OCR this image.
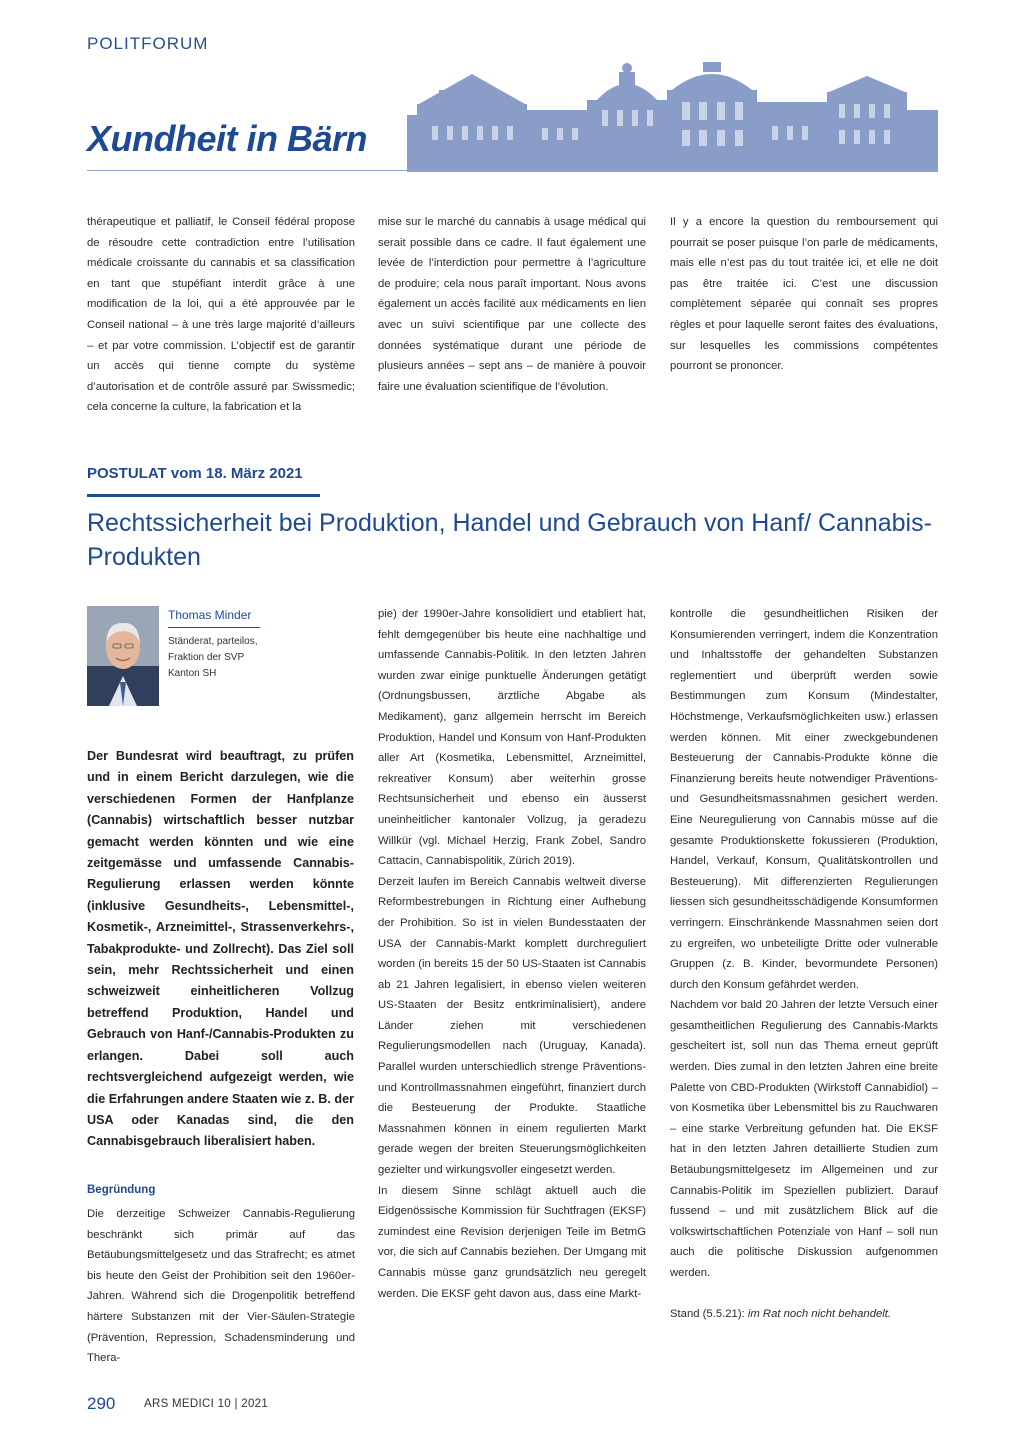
POLITFORUM
Xundheit in Bärn

thérapeutique et palliatif, le Conseil fédéral propose de résoudre cette contradiction entre l’utilisation médicale croissante du cannabis et sa classification en tant que stupéfiant interdit grâce à une modification de la loi, qui a été approuvée par le Conseil national – à une très large majorité d’ailleurs – et par votre commission. L’objectif est de garantir un accès qui tienne compte du système d’autorisation et de contrôle assuré par Swissmedic; cela concerne la culture, la fabrication et la

mise sur le marché du cannabis à usage médical qui serait possible dans ce cadre. Il faut également une levée de l’interdiction pour permettre à l’agriculture de produire; cela nous paraît important. Nous avons également un accès facilité aux médicaments en lien avec un suivi scientifique par une collecte des données systématique durant une période de plusieurs années – sept ans – de manière à pouvoir faire une évaluation scientifique de l’évolution.

Il y a encore la question du remboursement qui pourrait se poser puisque l’on parle de médicaments, mais elle n’est pas du tout traitée ici, et elle ne doit pas être traitée ici. C’est une discussion complètement séparée qui connaît ses propres règles et pour laquelle seront faites des évaluations, sur lesquelles les commissions compétentes pourront se prononcer.

POSTULAT vom 18. März 2021
Rechtssicherheit bei Produktion, Handel und Gebrauch von Hanf/ Cannabis-Produkten
Thomas Minder
Ständerat, parteilos,
Fraktion der SVP
Kanton SH
Der Bundesrat wird beauftragt, zu prüfen und in einem Bericht darzulegen, wie die verschiedenen Formen der Hanfplanze (Cannabis) wirtschaftlich besser nutzbar gemacht werden könnten und wie eine zeitgemässe und umfassende Cannabis-Regulierung erlassen werden könnte (inklusive Gesundheits-, Lebensmittel-, Kosmetik-, Arzneimittel-, Strassenverkehrs-, Tabakprodukte- und Zollrecht). Das Ziel soll sein, mehr Rechtssicherheit und einen schweizweit einheitlicheren Vollzug betreffend Produktion, Handel und Gebrauch von Hanf-/Cannabis-Produkten zu erlangen. Dabei soll auch rechtsvergleichend aufgezeigt werden, wie die Erfahrungen andere Staaten wie z. B. der USA oder Kanadas sind, die den Cannabisgebrauch liberalisiert haben.
Begründung

Die derzeitige Schweizer Cannabis-Regulierung beschränkt sich primär auf das Betäubungsmittelgesetz und das Strafrecht; es atmet bis heute den Geist der Prohibition seit den 1960er-Jahren. Während sich die Drogenpolitik betreffend härtere Substanzen mit der Vier-Säulen-Strategie (Prävention, Repression, Schadensminderung und Thera-

pie) der 1990er-Jahre konsolidiert und etabliert hat, fehlt demgegenüber bis heute eine nachhaltige und umfassende Cannabis-Politik. In den letzten Jahren wurden zwar einige punktuelle Änderungen getätigt (Ordnungsbussen, ärztliche Abgabe als Medikament), ganz allgemein herrscht im Bereich Produktion, Handel und Konsum von Hanf-Produkten aller Art (Kosmetika, Lebensmittel, Arzneimittel, rekreativer Konsum) aber weiterhin grosse Rechtsunsicherheit und ebenso ein äusserst uneinheitlicher kantonaler Vollzug, ja geradezu Willkür (vgl. Michael Herzig, Frank Zobel, Sandro Cattacin, Cannabispolitik, Zürich 2019).

Derzeit laufen im Bereich Cannabis weltweit diverse Reformbestrebungen in Richtung einer Aufhebung der Prohibition. So ist in vielen Bundesstaaten der USA der Cannabis-Markt komplett durchreguliert worden (in bereits 15 der 50 US-Staaten ist Cannabis ab 21 Jahren legalisiert, in ebenso vielen weiteren US-Staaten der Besitz entkriminalisiert), andere Länder ziehen mit verschiedenen Regulierungsmodellen nach (Uruguay, Kanada). Parallel wurden unterschiedlich strenge Präventions- und Kontrollmassnahmen eingeführt, finanziert durch die Besteuerung der Produkte. Staatliche Massnahmen können in einem regulierten Markt gerade wegen der breiten Steuerungsmöglichkeiten gezielter und wirkungsvoller eingesetzt werden.

In diesem Sinne schlägt aktuell auch die Eidgenössische Kommission für Suchtfragen (EKSF) zumindest eine Revision derjenigen Teile im BetmG vor, die sich auf Cannabis beziehen. Der Umgang mit Cannabis müsse ganz grundsätzlich neu geregelt werden. Die EKSF geht davon aus, dass eine Markt-

kontrolle die gesundheitlichen Risiken der Konsumierenden verringert, indem die Konzentration und Inhaltsstoffe der gehandelten Substanzen reglementiert und überprüft werden sowie Bestimmungen zum Konsum (Mindestalter, Höchstmenge, Verkaufsmöglichkeiten usw.) erlassen werden können. Mit einer zweckgebundenen Besteuerung der Cannabis-Produkte könne die Finanzierung bereits heute notwendiger Präventions- und Gesundheitsmassnahmen gesichert werden. Eine Neuregulierung von Cannabis müsse auf die gesamte Produktionskette fokussieren (Produktion, Handel, Verkauf, Konsum, Qualitätskontrollen und Besteuerung). Mit differenzierten Regulierungen liessen sich gesundheitsschädigende Konsumformen verringern. Einschränkende Massnahmen seien dort zu ergreifen, wo unbeteiligte Dritte oder vulnerable Gruppen (z. B. Kinder, bevormundete Personen) durch den Konsum gefährdet werden.

Nachdem vor bald 20 Jahren der letzte Versuch einer gesamtheitlichen Regulierung des Cannabis-Markts gescheitert ist, soll nun das Thema erneut geprüft werden. Dies zumal in den letzten Jahren eine breite Palette von CBD-Produkten (Wirkstoff Cannabidiol) – von Kosmetika über Lebensmittel bis zu Rauchwaren – eine starke Verbreitung gefunden hat. Die EKSF hat in den letzten Jahren detaillierte Studien zum Betäubungsmittelgesetz im Allgemeinen und zur Cannabis-Politik im Speziellen publiziert. Darauf fussend – und mit zusätzlichem Blick auf die volkswirtschaftlichen Potenziale von Hanf – soll nun auch die politische Diskussion aufgenommen werden.

Stand (5.5.21): im Rat noch nicht behandelt.

290 ARS MEDICI 10 | 2021
